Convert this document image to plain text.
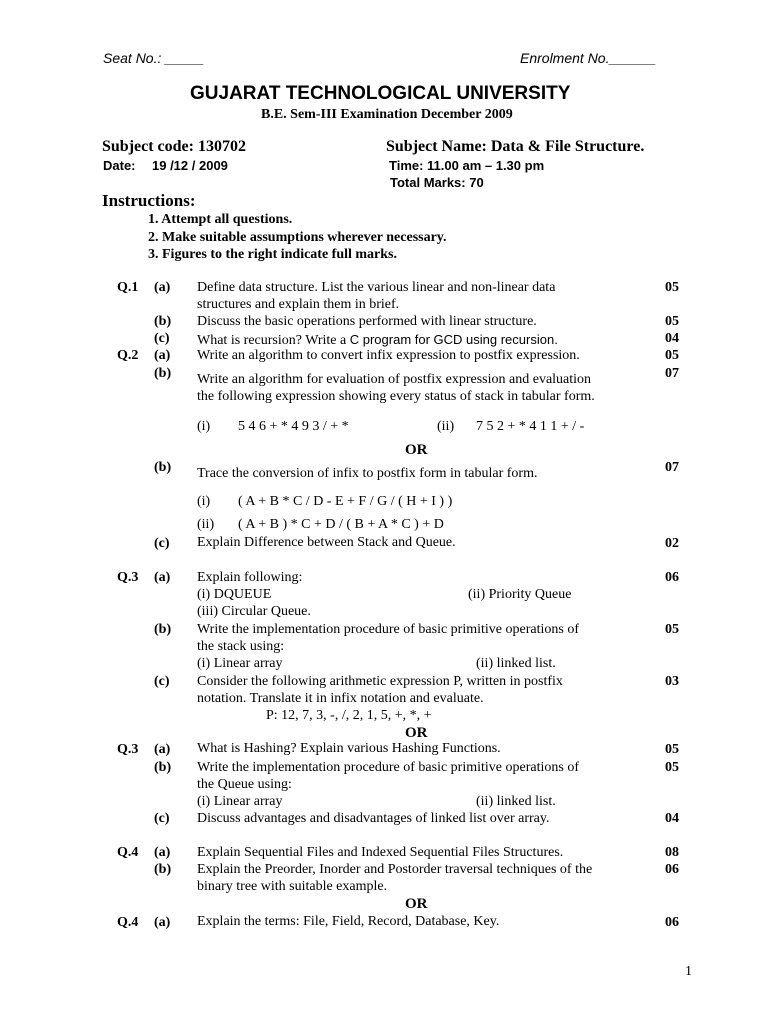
Seat No.: _____	Enrolment No.______
GUJARAT TECHNOLOGICAL UNIVERSITY
B.E. Sem-III Examination December 2009
Subject code: 130702	Subject Name: Data & File Structure.
Date: 19 /12 / 2009	Time: 11.00 am – 1.30 pm
Total Marks: 70
Instructions:
1. Attempt all questions.
2. Make suitable assumptions wherever necessary.
3. Figures to the right indicate full marks.
Q.1 (a) Define data structure. List the various linear and non-linear data
structures and explain them in brief.
05
(b) Discuss the basic operations performed with linear structure.	05
(c) What is recursion? Write a C program for GCD using recursion.	04
Q.2 (a) Write an algorithm to convert infix expression to postfix expression.	05
(b) Write an algorithm for evaluation of postfix expression and evaluation
the following expression showing every status of stack in tabular form.
07
(i) 5 4 6 + * 4 9 3 / + *	(ii) 7 5 2 + * 4 1 1 + / -
OR
(b) Trace the conversion of infix to postfix form in tabular form.	07
(i) ( A + B * C / D - E + F / G / ( H + I ) )
(ii) ( A + B ) * C + D / ( B + A * C ) + D
(c) Explain Difference between Stack and Queue.	02
Q.3 (a) Explain following:
(i) DQUEUE	(ii) Priority Queue
(iii) Circular Queue.
06
(b) Write the implementation procedure of basic primitive operations of
the stack using:
(i) Linear array	(ii) linked list.
05
(c) Consider the following arithmetic expression P, written in postfix
notation. Translate it in infix notation and evaluate.
P: 12, 7, 3, -, /, 2, 1, 5, +, *, +
03
OR
Q.3 (a) What is Hashing? Explain various Hashing Functions.	05
(b) Write the implementation procedure of basic primitive operations of
the Queue using:
(i) Linear array	(ii) linked list.
05
(c) Discuss advantages and disadvantages of linked list over array.	04
Q.4 (a) Explain Sequential Files and Indexed Sequential Files Structures.	08
(b) Explain the Preorder, Inorder and Postorder traversal techniques of the
binary tree with suitable example.
06
OR
Q.4 (a) Explain the terms: File, Field, Record, Database, Key.	06
1
